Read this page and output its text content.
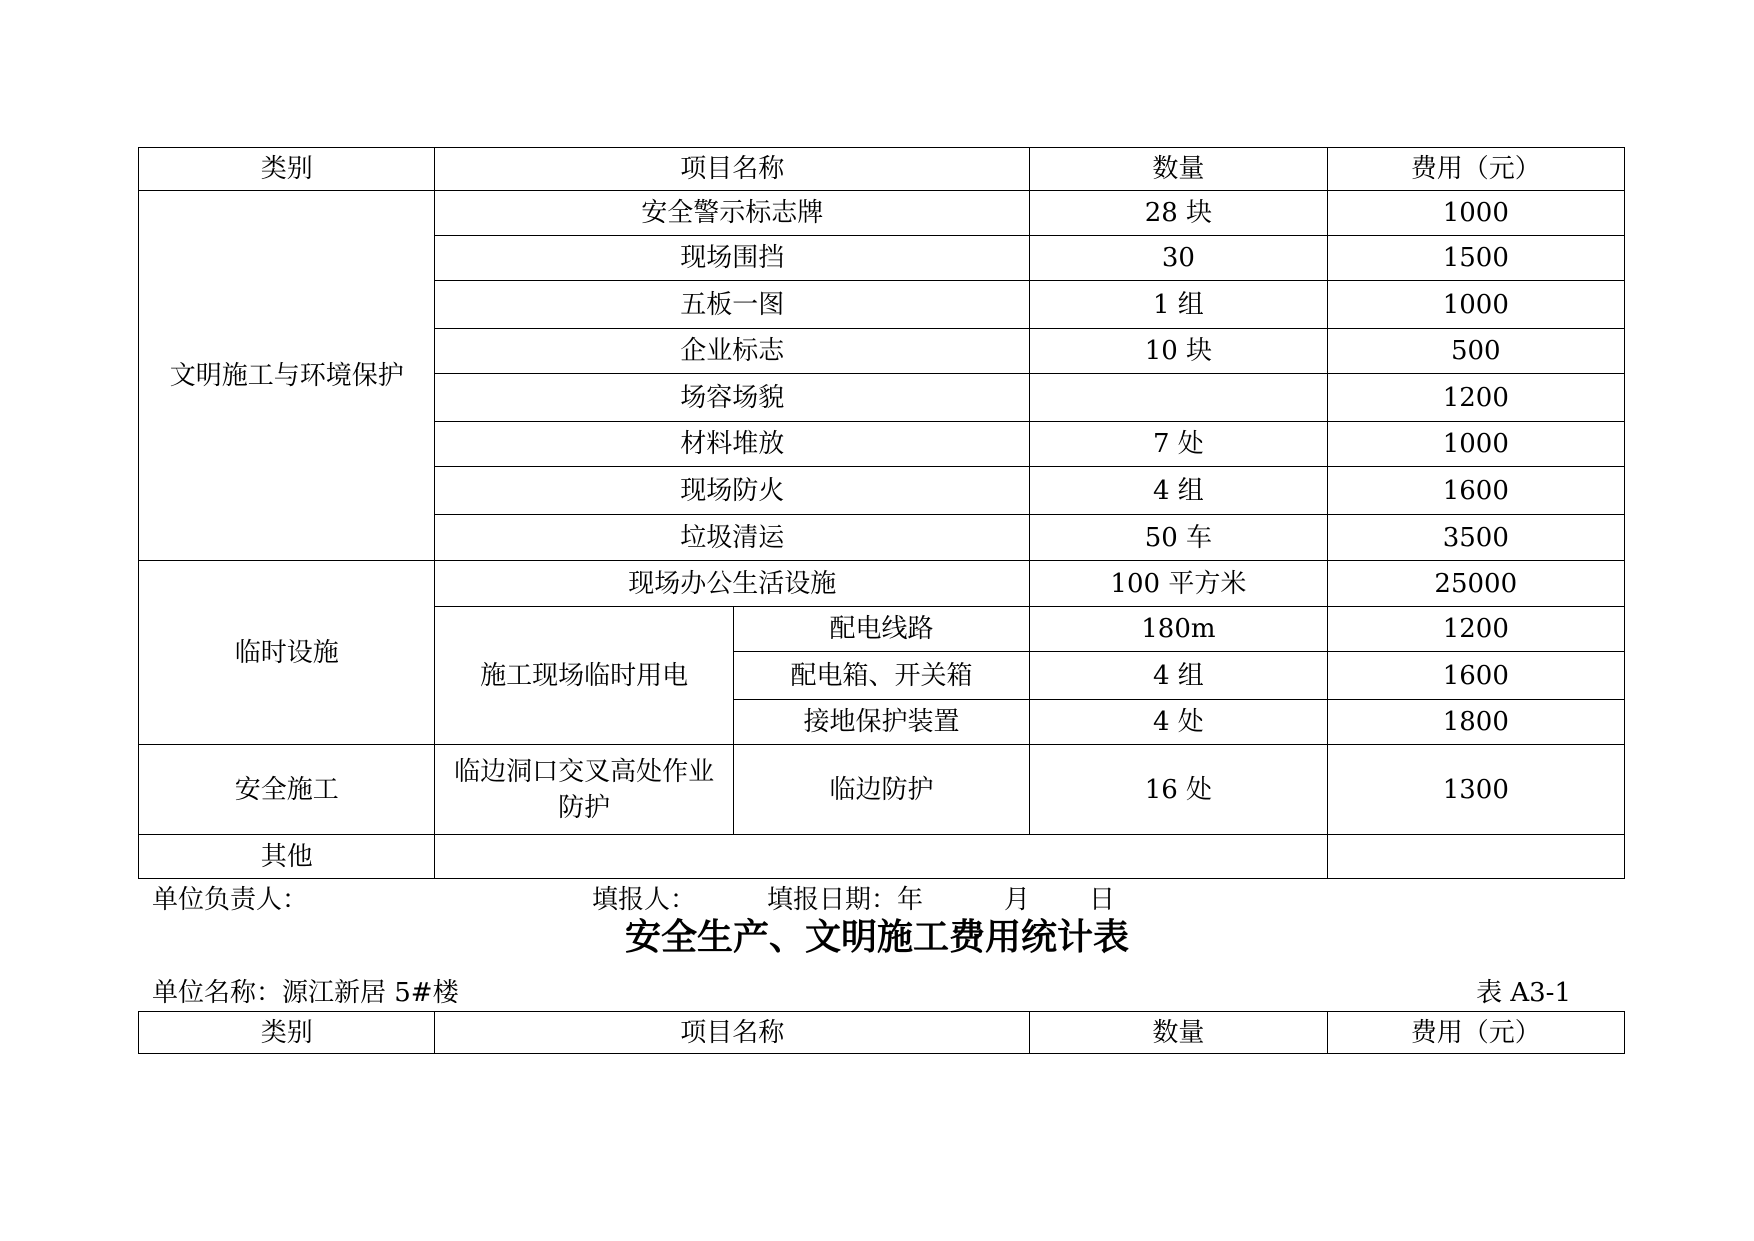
类别	项目名称		数量	费用（元）
文明施工与环境保护	安全警示标志牌		28 块	1000
	现场围挡		30	1500
	五板一图		1 组	1000
	企业标志		10 块	500
	场容场貌			1200
	材料堆放		7 处	1000
	现场防火		4 组	1600
	垃圾清运		50 车	3500
临时设施	现场办公生活设施		100 平方米	25000
	施工现场临时用电	配电线路	180m	1200
		配电箱、开关箱	4 组	1600
		接地保护装置	4 处	1800
安全施工	临边洞口交叉高处作业防护	临边防护	16 处	1300
其他				

单位负责人：

	填报人：

	填报日期：年

	月

日

安全生产、文明施工费用统计表
单位名称：源江新居 5#楼	表 A3-1
类别	项目名称	数量	费用（元）
